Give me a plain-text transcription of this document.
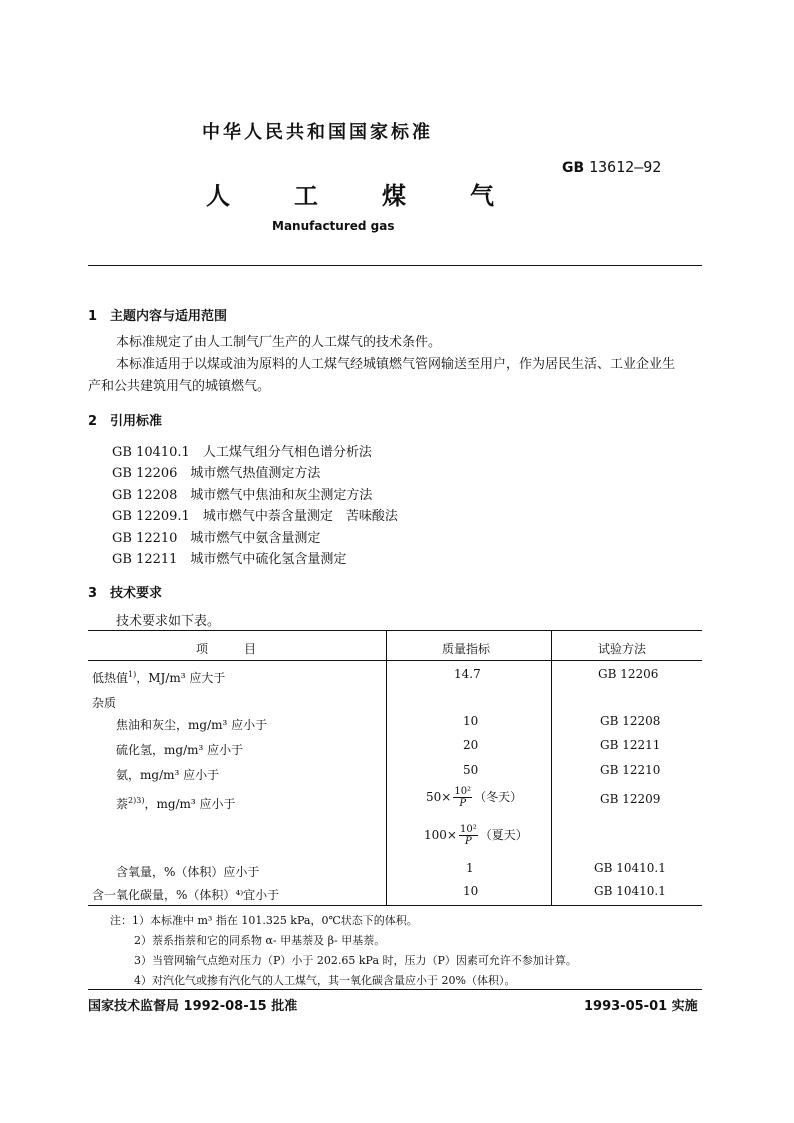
中华人民共和国国家标准
GB 13612—92
人工煤气
Manufactured gas
1　主题内容与适用范围
本标准规定了由人工制气厂生产的人工煤气的技术条件。
本标准适用于以煤或油为原料的人工煤气经城镇燃气管网输送至用户，作为居民生活、工业企业生
产和公共建筑用气的城镇燃气。
2　引用标准
GB 10410.1　人工煤气组分气相色谱分析法
GB 12206　城市燃气热值测定方法
GB 12208　城市燃气中焦油和灰尘测定方法
GB 12209.1　城市燃气中萘含量测定　苦味酸法
GB 12210　城市燃气中氨含量测定
GB 12211　城市燃气中硫化氢含量测定
3　技术要求
技术要求如下表。
项　　　目	质量指标	试验方法
低热值$^{1)}$，MJ/m³ 应大于	14.7	GB 12206
杂质
焦油和灰尘，mg/m³ 应小于	10	GB 12208
硫化氢，mg/m³ 应小于	20	GB 12211
氨，mg/m³ 应小于	50	GB 12210
萘$^{2)3)}$，mg/m³ 应小于	$50\times \frac{\text{10²}}{P}$ （冬天）	GB 12209
$100\times \frac{\text{10²}}{P}$ （夏天）
含氧量，%（体积）应小于	1	GB 10410.1
含一氧化碳量，%（体积）⁴⁾宜小于	10	GB 10410.1
注：1）本标准中 m³ 指在 101.325 kPa，0℃状态下的体积。
2）萘系指萘和它的同系物 α- 甲基萘及 β- 甲基萘。
3）当管网输气点绝对压力（P）小于 202.65 kPa 时，压力（P）因素可允许不参加计算。
4）对汽化气或掺有汽化气的人工煤气，其一氧化碳含量应小于 20%（体积）。
国家技术监督局 1992-08-15 批准	1993-05-01 实施
